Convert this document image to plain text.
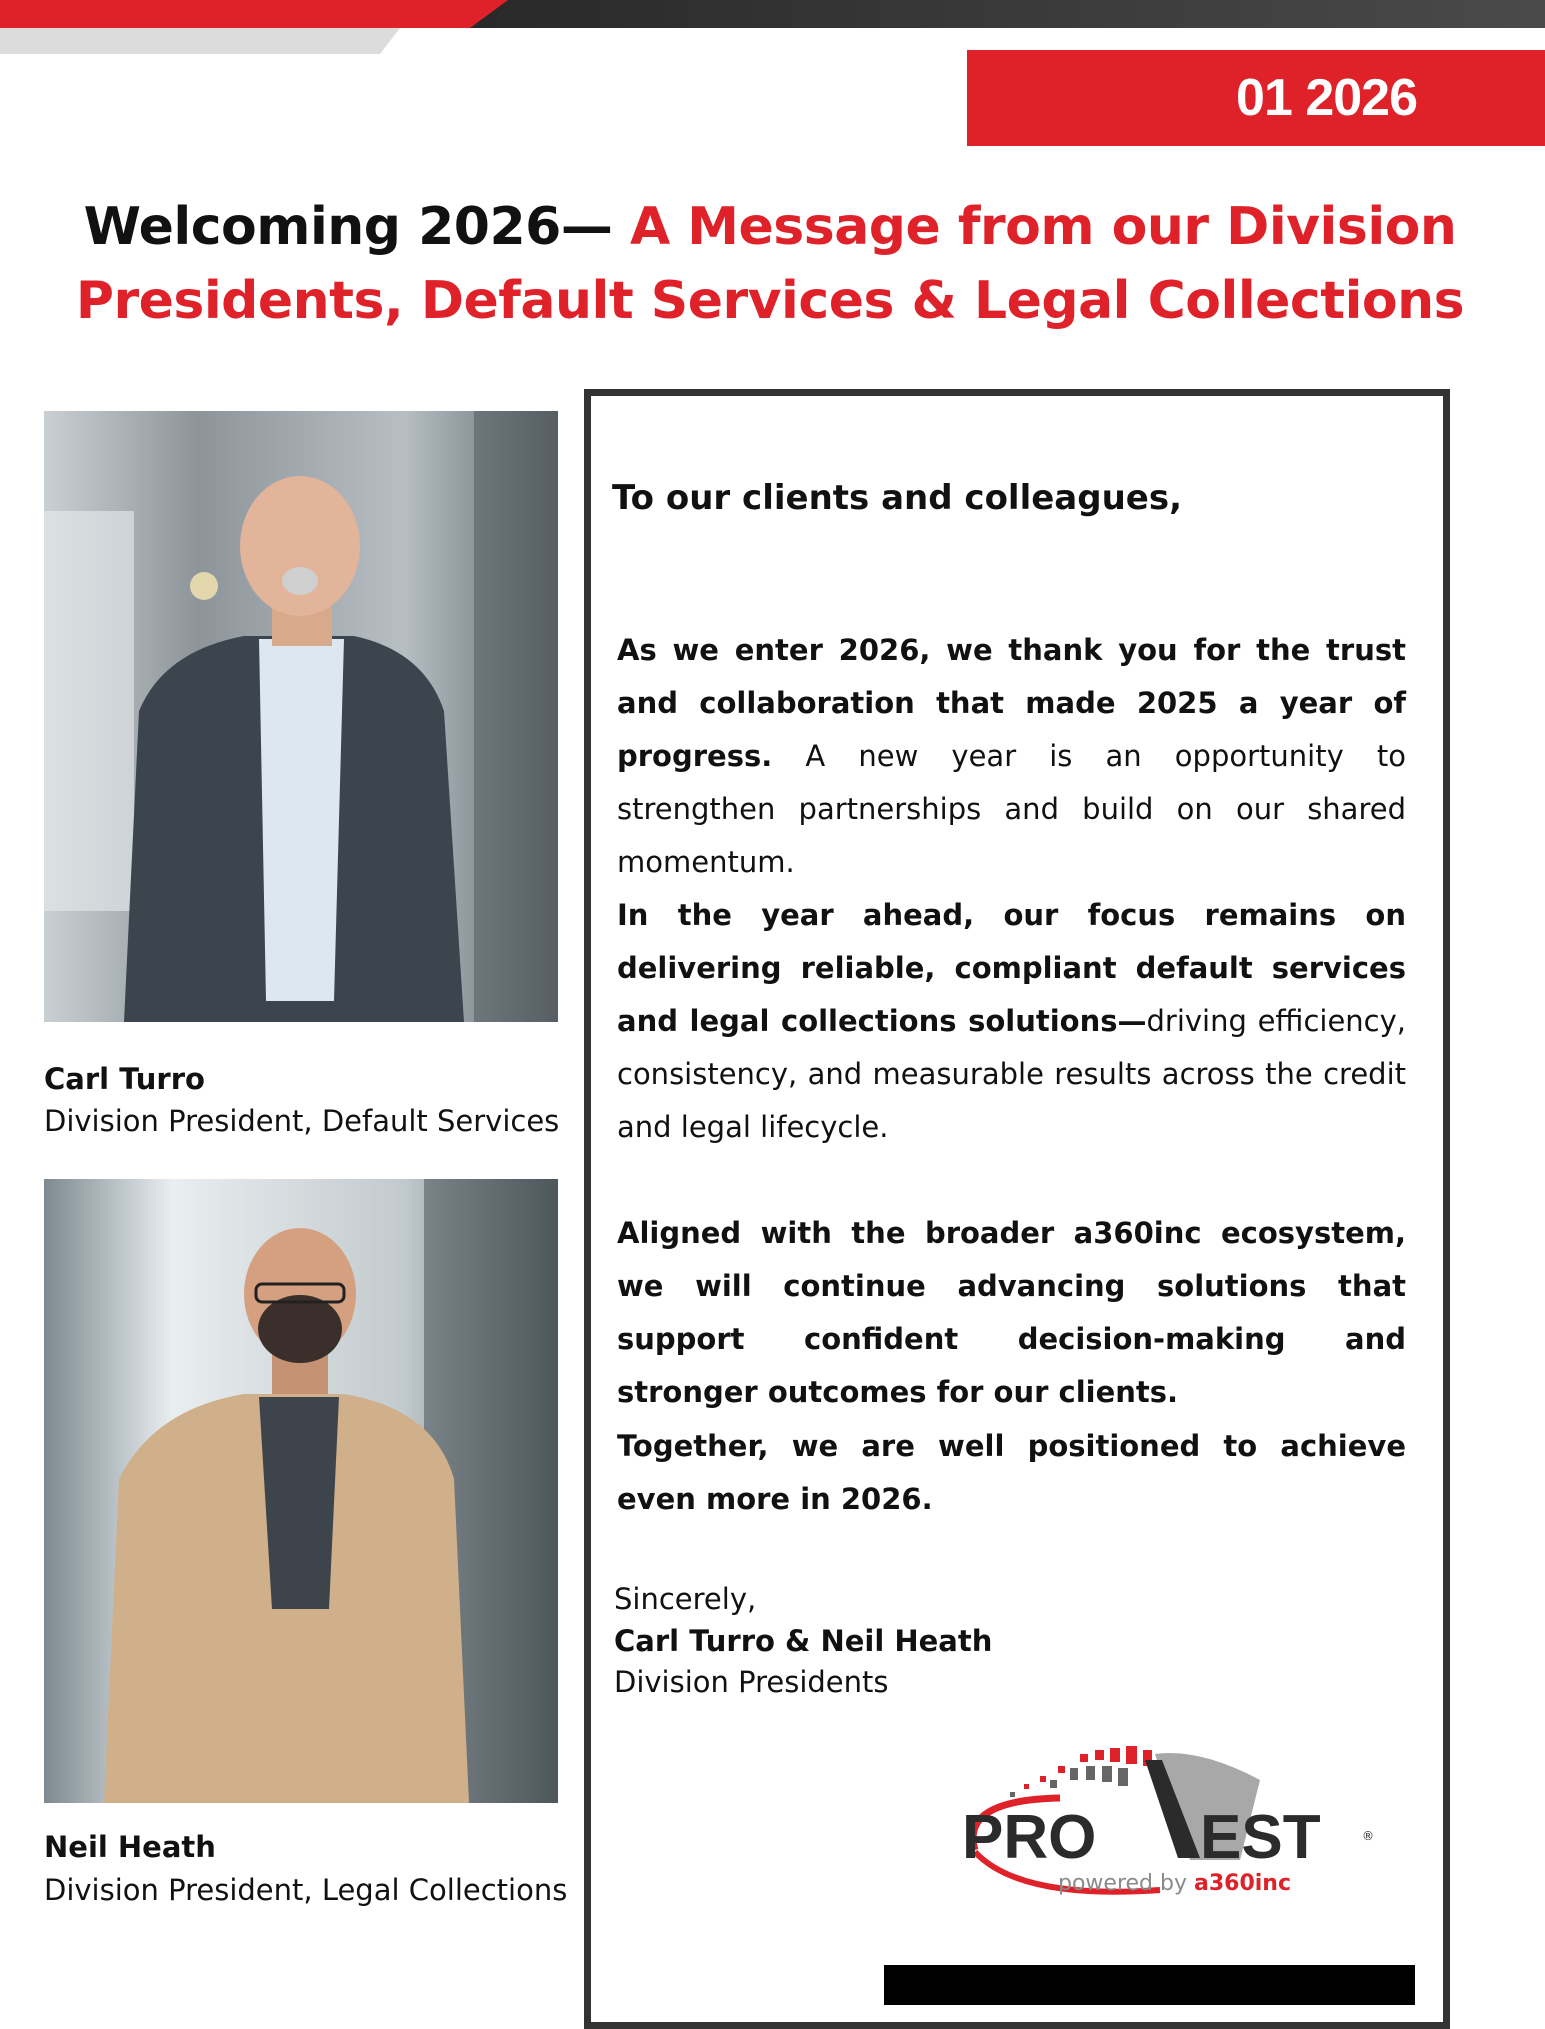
01 2026
Welcoming 2026— A Message from our Division Presidents, Default Services & Legal Collections
Carl Turro
Division President, Default Services
Neil Heath
Division President, Legal Collections
To our clients and colleagues,
As we enter 2026, we thank you for the trust and collaboration that made 2025 a year of progress. A new year is an opportunity to strengthen partnerships and build on our shared momentum.
In the year ahead, our focus remains on delivering reliable, compliant default services and legal collections solutions—driving efficiency, consistency, and measurable results across the credit and legal lifecycle.
Aligned with the broader a360inc ecosystem, we will continue advancing solutions that support confident decision-making and stronger outcomes for our clients.
Together, we are well positioned to achieve even more in 2026.
Sincerely,
Carl Turro & Neil Heath
Division Presidents
PRO EST	®
powered by a360inc
